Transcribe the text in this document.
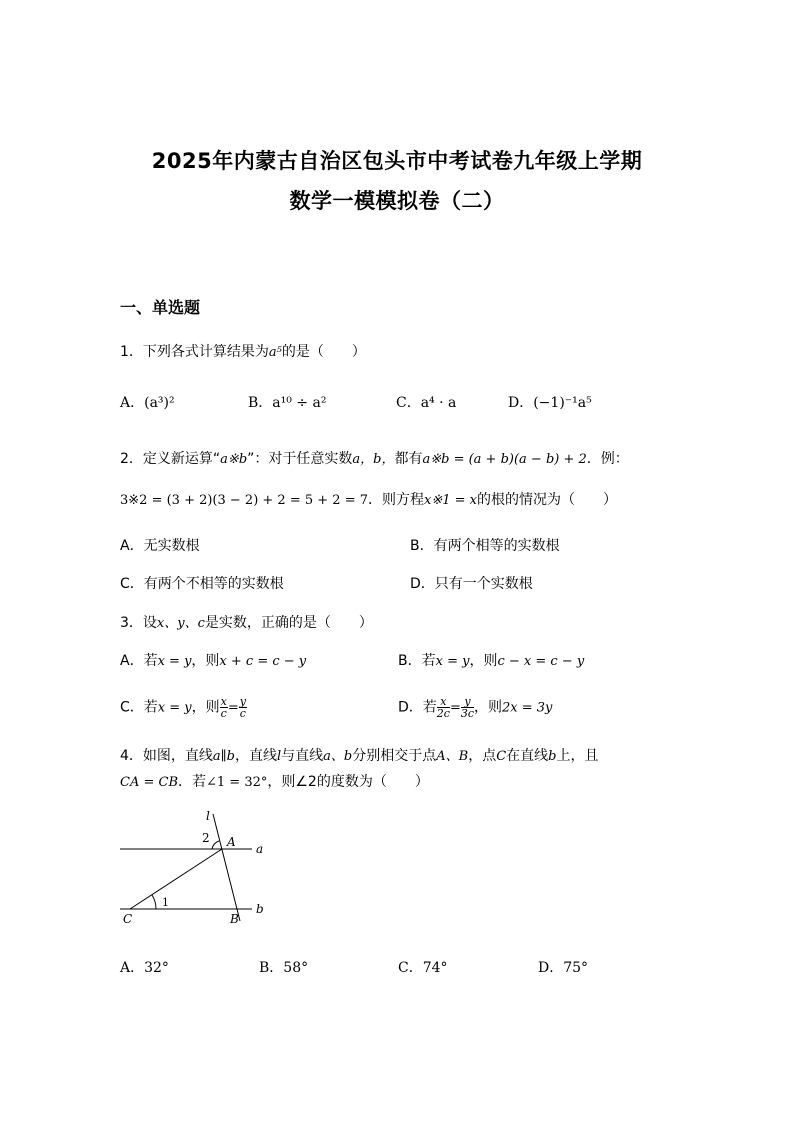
2025年内蒙古自治区包头市中考试卷九年级上学期
数学一模模拟卷（二）
一、单选题
1．下列各式计算结果为a⁵的是（　　）
A．(a³)²	B．a¹⁰ ÷ a²	C．a⁴ · a	D．(−1)⁻¹a⁵
2．定义新运算“a※b”：对于任意实数a，b，都有a※b = (a + b)(a − b) + 2．例：
3※2 = (3 + 2)(3 − 2) + 2 = 5 + 2 = 7．则方程x※1 = x的根的情况为（　　）
A．无实数根	B．有两个相等的实数根
C．有两个不相等的实数根	D．只有一个实数根
3．设x、y、c是实数，正确的是（　　）
A．若x = y，则x + c = c − y	B．若x = y，则c − x = c − y
C．若x = y，则 $\frac{x}{c} = \frac{y}{c}$	D．若 $\frac{x}{2c} = \frac{y}{3c}$ ，则2x = 3y
4．如图，直线a∥b，直线l与直线a、b分别相交于点A、B，点C在直线b上，且
CA = CB．若∠1 = 32°，则∠2的度数为（　　）
l
2 A a
1
C	B
b
A．32°	B．58°	C．74°	D．75°
